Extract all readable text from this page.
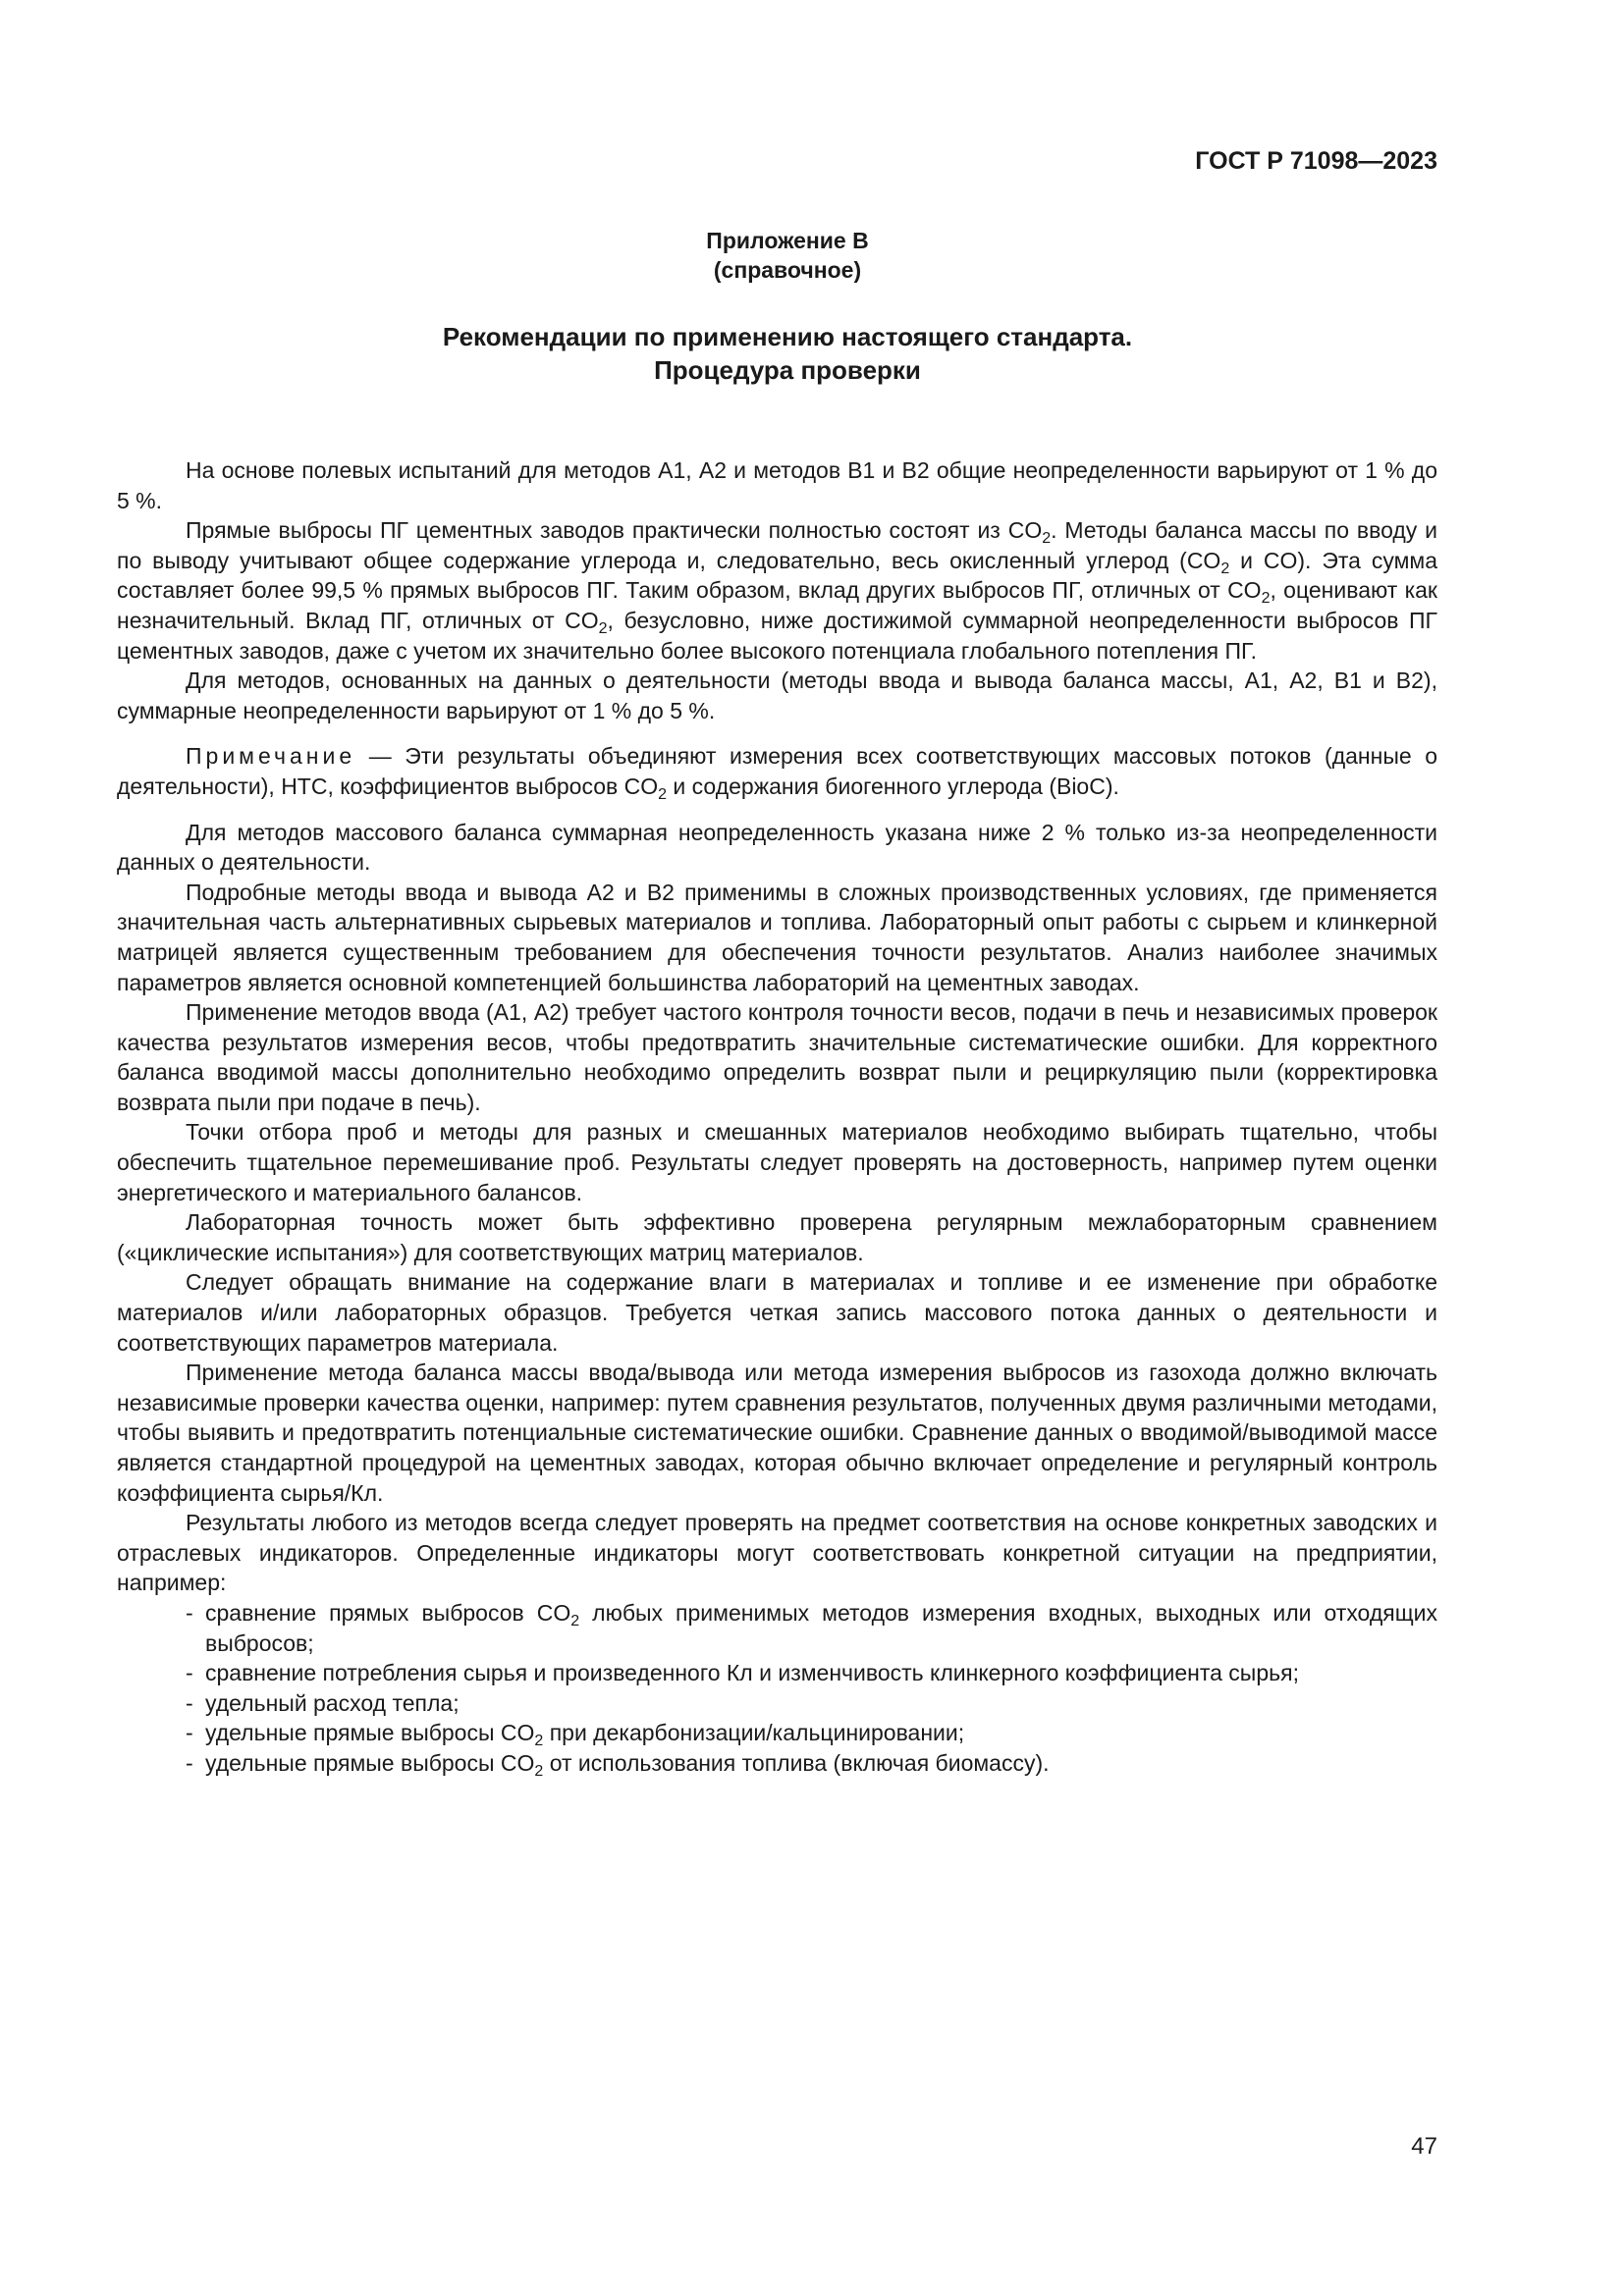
ГОСТ Р 71098—2023
Приложение В
(справочное)
Рекомендации по применению настоящего стандарта.
Процедура проверки

На основе полевых испытаний для методов А1, А2 и методов В1 и В2 общие неопределенности варьируют от 1 % до 5 %.

Прямые выбросы ПГ цементных заводов практически полностью состоят из $CO_2$. Методы баланса массы по вводу и по выводу учитывают общее содержание углерода и, следовательно, весь окисленный углерод ($CO_2$ и CO). Эта сумма составляет более 99,5 % прямых выбросов ПГ. Таким образом, вклад других выбросов ПГ, отличных от $CO_2$, оценивают как незначительный. Вклад ПГ, отличных от $CO_2$, безусловно, ниже достижимой суммарной неопределенности выбросов ПГ цементных заводов, даже с учетом их значительно более высокого потенциала глобального потепления ПГ.

Для методов, основанных на данных о деятельности (методы ввода и вывода баланса массы, А1, А2, В1 и В2), суммарные неопределенности варьируют от 1 % до 5 %.

Примечание — Эти результаты объединяют измерения всех соответствующих массовых потоков (данные о деятельности), НТС, коэффициентов выбросов $CO_2$ и содержания биогенного углерода (BioC).

Для методов массового баланса суммарная неопределенность указана ниже 2 % только из-за неопределенности данных о деятельности.

Подробные методы ввода и вывода А2 и В2 применимы в сложных производственных условиях, где применяется значительная часть альтернативных сырьевых материалов и топлива. Лабораторный опыт работы с сырьем и клинкерной матрицей является существенным требованием для обеспечения точности результатов. Анализ наиболее значимых параметров является основной компетенцией большинства лабораторий на цементных заводах.

Применение методов ввода (А1, А2) требует частого контроля точности весов, подачи в печь и независимых проверок качества результатов измерения весов, чтобы предотвратить значительные систематические ошибки. Для корректного баланса вводимой массы дополнительно необходимо определить возврат пыли и рециркуляцию пыли (корректировка возврата пыли при подаче в печь).

Точки отбора проб и методы для разных и смешанных материалов необходимо выбирать тщательно, чтобы обеспечить тщательное перемешивание проб. Результаты следует проверять на достоверность, например путем оценки энергетического и материального балансов.

Лабораторная точность может быть эффективно проверена регулярным межлабораторным сравнением («циклические испытания») для соответствующих матриц материалов.

Следует обращать внимание на содержание влаги в материалах и топливе и ее изменение при обработке материалов и/или лабораторных образцов. Требуется четкая запись массового потока данных о деятельности и соответствующих параметров материала.

Применение метода баланса массы ввода/вывода или метода измерения выбросов из газохода должно включать независимые проверки качества оценки, например: путем сравнения результатов, полученных двумя различными методами, чтобы выявить и предотвратить потенциальные систематические ошибки. Сравнение данных о вводимой/выводимой массе является стандартной процедурой на цементных заводах, которая обычно включает определение и регулярный контроль коэффициента сырья/Кл.

Результаты любого из методов всегда следует проверять на предмет соответствия на основе конкретных заводских и отраслевых индикаторов. Определенные индикаторы могут соответствовать конкретной ситуации на предприятии, например:

- сравнение прямых выбросов $CO_2$ любых применимых методов измерения входных, выходных или отходящих выбросов;
- сравнение потребления сырья и произведенного Кл и изменчивость клинкерного коэффициента сырья;
- удельный расход тепла;
- удельные прямые выбросы $CO_2$ при декарбонизации/кальцинировании;
- удельные прямые выбросы $CO_2$ от использования топлива (включая биомассу).
47
